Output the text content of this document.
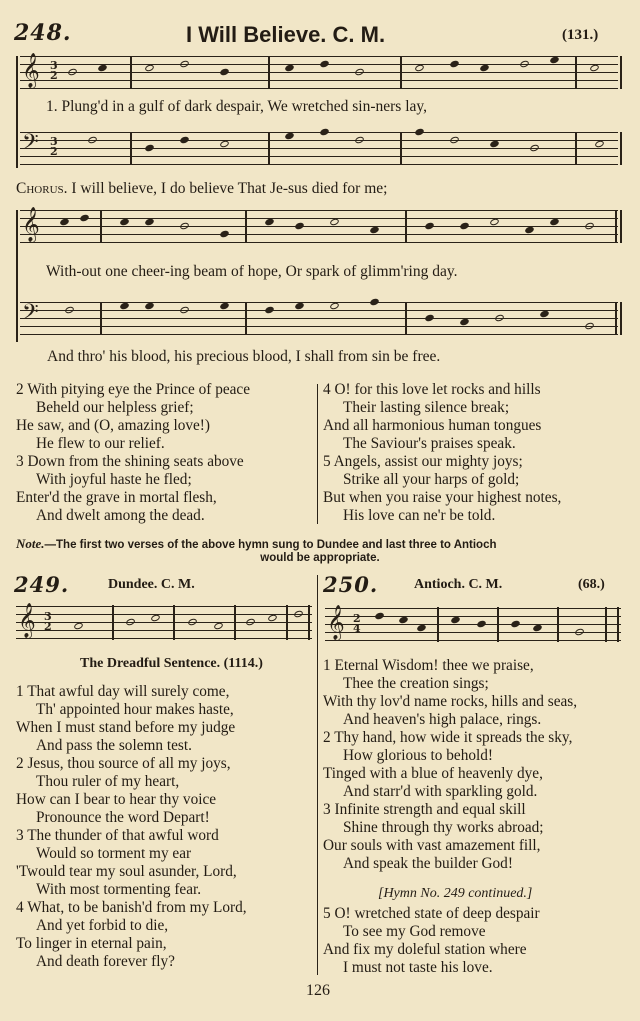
248.	I Will Believe. C. M.	(131.)
𝄞 3
2
1. Plung'd in a gulf of dark despair, We wretched sin-ners lay,
𝄢 3
2
Chorus. I will believe, I do believe That Je-sus died for me;
𝄞
With-out one cheer-ing beam of hope, Or spark of glimm'ring day.
𝄢
And thro' his blood, his precious blood, I shall from sin be free.
2 With pitying eye the Prince of peace
Beheld our helpless grief;
He saw, and (O, amazing love!)
He flew to our relief.
3 Down from the shining seats above
With joyful haste he fled;
Enter'd the grave in mortal flesh,
And dwelt among the dead.
4 O! for this love let rocks and hills
Their lasting silence break;
And all harmonious human tongues
The Saviour's praises speak.
5 Angels, assist our mighty joys;
Strike all your harps of gold;
But when you raise your highest notes,
His love can ne'r be told.
Note.—The first two verses of the above hymn sung to Dundee and last three to Antioch
would be appropriate.
249.	Dundee. C. M.
𝄞 3
2
The Dreadful Sentence. (1114.)
1 That awful day will surely come,
Th' appointed hour makes haste,
When I must stand before my judge
And pass the solemn test.
2 Jesus, thou source of all my joys,
Thou ruler of my heart,
How can I bear to hear thy voice
Pronounce the word Depart!
3 The thunder of that awful word
Would so torment my ear
'Twould tear my soul asunder, Lord,
With most tormenting fear.
4 What, to be banish'd from my Lord,
And yet forbid to die,
To linger in eternal pain,
And death forever fly?
250.	Antioch. C. M.	(68.)
𝄞 2
4
1 Eternal Wisdom! thee we praise,
Thee the creation sings;
With thy lov'd name rocks, hills and seas,
And heaven's high palace, rings.
2 Thy hand, how wide it spreads the sky,
How glorious to behold!
Tinged with a blue of heavenly dye,
And starr'd with sparkling gold.
3 Infinite strength and equal skill
Shine through thy works abroad;
Our souls with vast amazement fill,
And speak the builder God!
[Hymn No. 249 continued.]
5 O! wretched state of deep despair
To see my God remove
And fix my doleful station where
I must not taste his love.
126
